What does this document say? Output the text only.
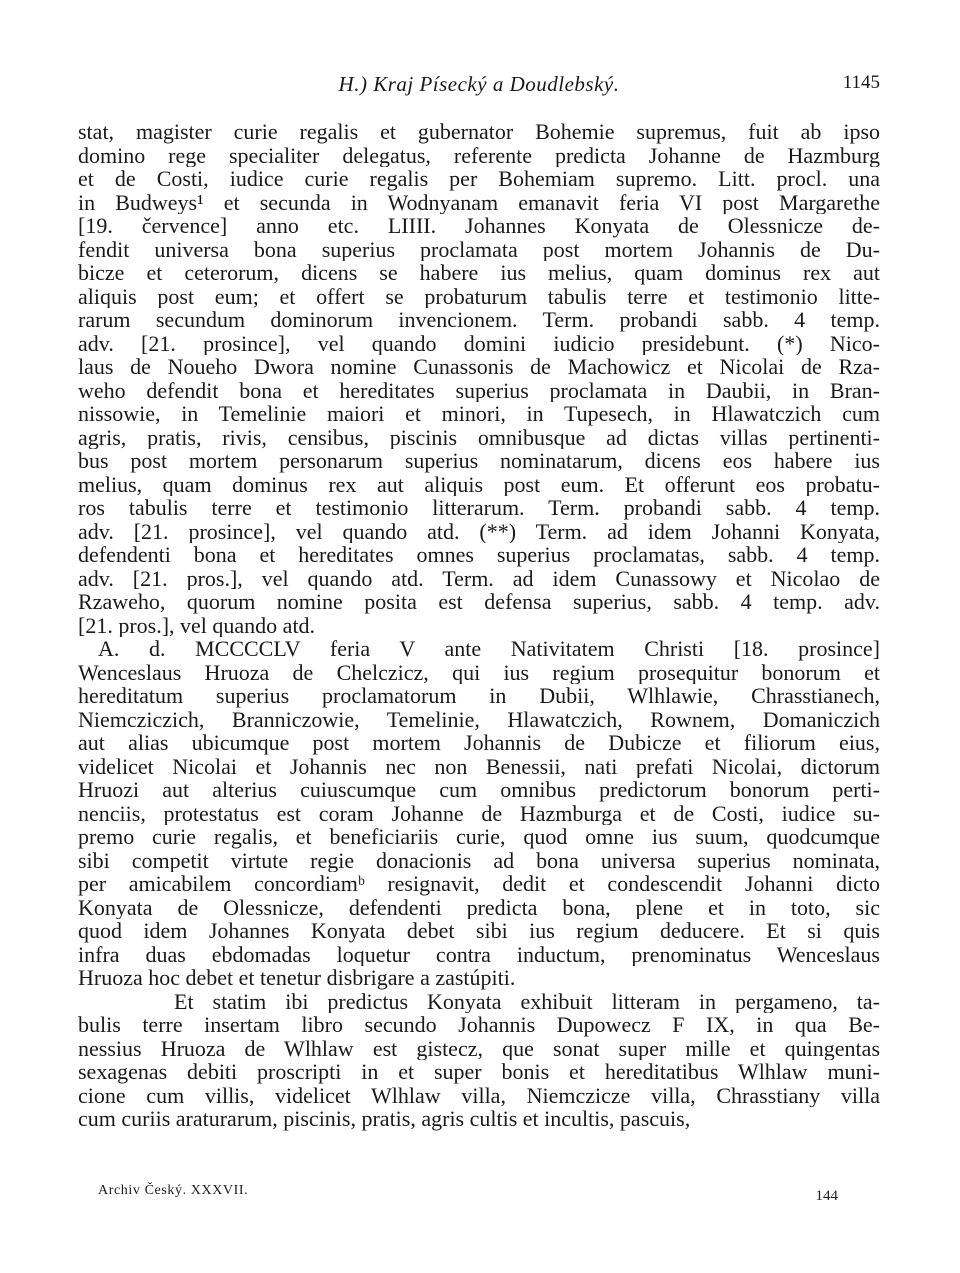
H.) Kraj Písecký a Doudlebský.	1145
stat, magister curie regalis et gubernator Bohemie supremus, fuit ab ipso
domino rege specialiter delegatus, referente predicta Johanne de Hazmburg
et de Costi, iudice curie regalis per Bohemiam supremo. Litt. procl. una
in Budweys¹ et secunda in Wodnyanam emanavit feria VI post Margarethe
[19. července] anno etc. LIIII. Johannes Konyata de Olessnicze de-
fendit universa bona superius proclamata post mortem Johannis de Du-
bicze et ceterorum, dicens se habere ius melius, quam dominus rex aut
aliquis post eum; et offert se probaturum tabulis terre et testimonio litte-
rarum secundum dominorum invencionem. Term. probandi sabb. 4 temp.
adv. [21. prosince], vel quando domini iudicio presidebunt. (*) Nico-
laus de Noueho Dwora nomine Cunassonis de Machowicz et Nicolai de Rza-
weho defendit bona et hereditates superius proclamata in Daubii, in Bran-
nissowie, in Temelinie maiori et minori, in Tupesech, in Hlawatczich cum
agris, pratis, rivis, censibus, piscinis omnibusque ad dictas villas pertinenti-
bus post mortem personarum superius nominatarum, dicens eos habere ius
melius, quam dominus rex aut aliquis post eum. Et offerunt eos probatu-
ros tabulis terre et testimonio litterarum. Term. probandi sabb. 4 temp.
adv. [21. prosince], vel quando atd. (**) Term. ad idem Johanni Konyata,
defendenti bona et hereditates omnes superius proclamatas, sabb. 4 temp.
adv. [21. pros.], vel quando atd. Term. ad idem Cunassowy et Nicolao de
Rzaweho, quorum nomine posita est defensa superius, sabb. 4 temp. adv.
[21. pros.], vel quando atd.
A. d. MCCCCLV feria V ante Nativitatem Christi [18. prosince]
Wenceslaus Hruoza de Chelczicz, qui ius regium prosequitur bonorum et
hereditatum superius proclamatorum in Dubii, Wlhlawie, Chrasstianech,
Niemcziczich, Branniczowie, Temelinie, Hlawatczich, Rownem, Domaniczich
aut alias ubicumque post mortem Johannis de Dubicze et filiorum eius,
videlicet Nicolai et Johannis nec non Benessii, nati prefati Nicolai, dictorum
Hruozi aut alterius cuiuscumque cum omnibus predictorum bonorum perti-
nenciis, protestatus est coram Johanne de Hazmburga et de Costi, iudice su-
premo curie regalis, et beneficiariis curie, quod omne ius suum, quodcumque
sibi competit virtute regie donacionis ad bona universa superius nominata,
per amicabilem concordiamᵇ resignavit, dedit et condescendit Johanni dicto
Konyata de Olessnicze, defendenti predicta bona, plene et in toto, sic
quod idem Johannes Konyata debet sibi ius regium deducere. Et si quis
infra duas ebdomadas loquetur contra inductum, prenominatus Wenceslaus
Hruoza hoc debet et tenetur disbrigare a zastúpiti.
Et statim ibi predictus Konyata exhibuit litteram in pergameno, ta-
bulis terre insertam libro secundo Johannis Dupowecz F IX, in qua Be-
nessius Hruoza de Wlhlaw est gistecz, que sonat super mille et quingentas
sexagenas debiti proscripti in et super bonis et hereditatibus Wlhlaw muni-
cione cum villis, videlicet Wlhlaw villa, Niemczicze villa, Chrasstiany villa
cum curiis araturarum, piscinis, pratis, agris cultis et incultis, pascuis,
Archiv Český. XXXVII.	144
